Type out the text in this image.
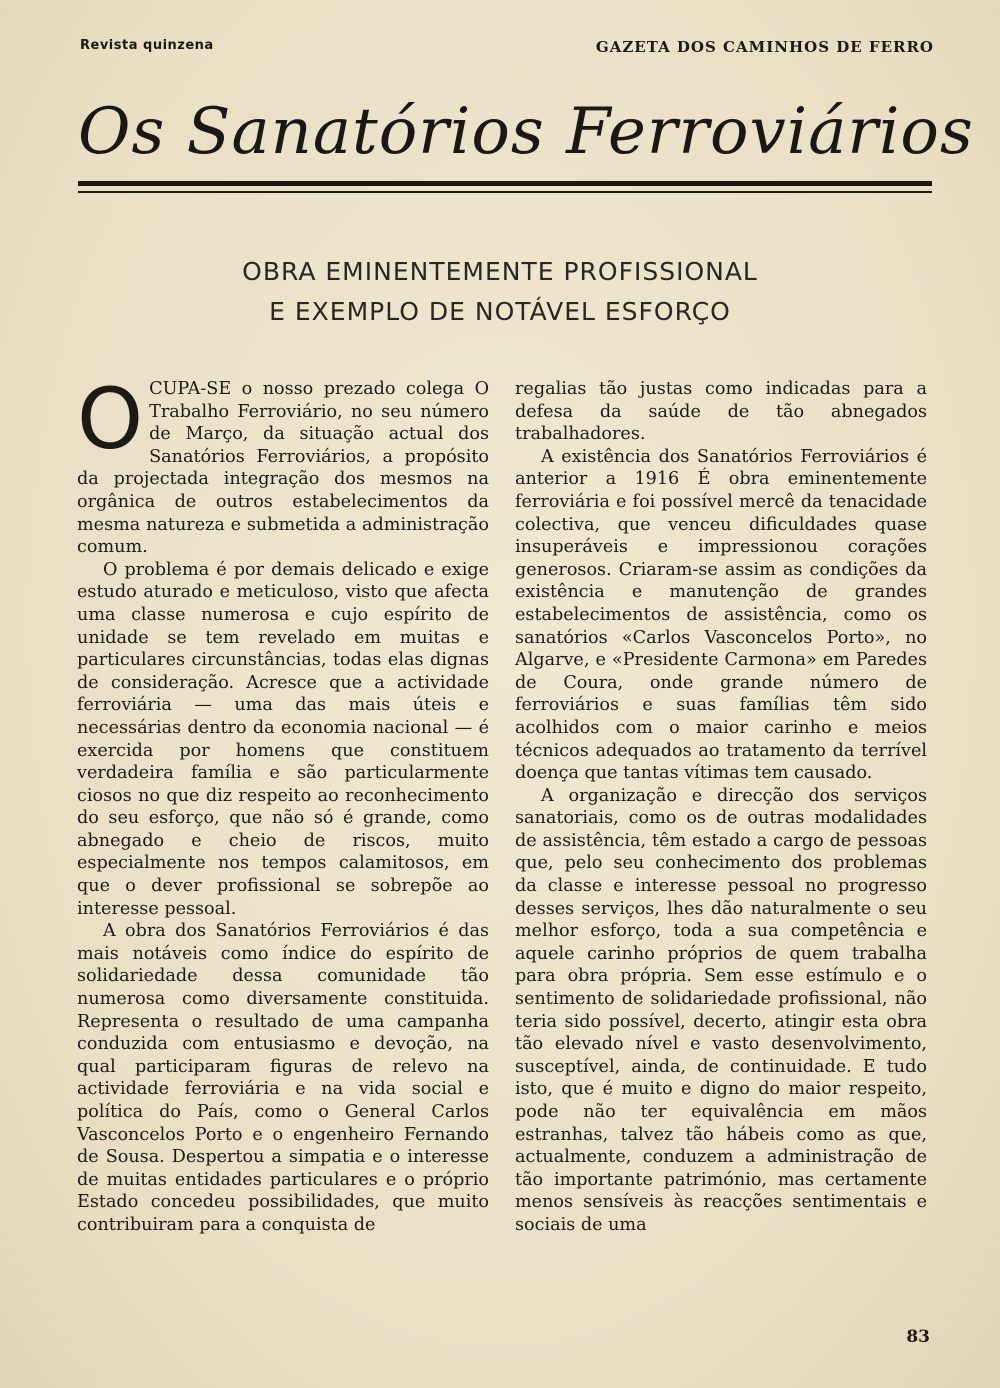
Revista quinzena	GAZETA DOS CAMINHOS DE FERRO
Os Sanatórios Ferroviários
OBRA EMINENTEMENTE PROFISSIONAL
E EXEMPLO DE NOTÁVEL ESFORÇO

OCUPA-SE o nosso prezado colega O Trabalho Ferroviário, no seu número de Março, da situação actual dos Sanatórios Ferroviários, a propósito da projectada integração dos mesmos na orgânica de outros estabelecimentos da mesma natureza e submetida a administração comum.

O problema é por demais delicado e exige estudo aturado e meticuloso, visto que afecta uma classe numerosa e cujo espírito de unidade se tem revelado em muitas e particulares circunstâncias, todas elas dignas de consideração. Acresce que a actividade ferroviária — uma das mais úteis e necessárias dentro da economia nacional — é exercida por homens que constituem verdadeira família e são particularmente ciosos no que diz respeito ao reconhecimento do seu esforço, que não só é grande, como abnegado e cheio de riscos, muito especialmente nos tempos calamitosos, em que o dever profissional se sobrepõe ao interesse pessoal.

A obra dos Sanatórios Ferroviários é das mais notáveis como índice do espírito de solidariedade dessa comunidade tão numerosa como diversamente constituida. Representa o resultado de uma campanha conduzida com entusiasmo e devoção, na qual participaram figuras de relevo na actividade ferroviária e na vida social e política do País, como o General Carlos Vasconcelos Porto e o engenheiro Fernando de Sousa. Despertou a simpatia e o interesse de muitas entidades particulares e o próprio Estado concedeu possibilidades, que muito contribuiram para a conquista de

regalias tão justas como indicadas para a defesa da saúde de tão abnegados trabalhadores.

A existência dos Sanatórios Ferroviários é anterior a 1916 É obra eminentemente ferroviária e foi possível mercê da tenacidade colectiva, que venceu dificuldades quase insuperáveis e impressionou corações generosos. Criaram-se assim as condições da existência e manutenção de grandes estabelecimentos de assistência, como os sanatórios «Carlos Vasconcelos Porto», no Algarve, e «Presidente Carmona» em Paredes de Coura, onde grande número de ferroviários e suas famílias têm sido acolhidos com o maior carinho e meios técnicos adequados ao tratamento da terrível doença que tantas vítimas tem causado.

A organização e direcção dos serviços sanatoriais, como os de outras modalidades de assistência, têm estado a cargo de pessoas que, pelo seu conhecimento dos problemas da classe e interesse pessoal no progresso desses serviços, lhes dão naturalmente o seu melhor esforço, toda a sua competência e aquele carinho próprios de quem trabalha para obra própria. Sem esse estímulo e o sentimento de solidariedade profissional, não teria sido possível, decerto, atingir esta obra tão elevado nível e vasto desenvolvimento, susceptível, ainda, de continuidade. E tudo isto, que é muito e digno do maior respeito, pode não ter equivalência em mãos estranhas, talvez tão hábeis como as que, actualmente, conduzem a administração de tão importante património, mas certamente menos sensíveis às reacções sentimentais e sociais de uma

83
